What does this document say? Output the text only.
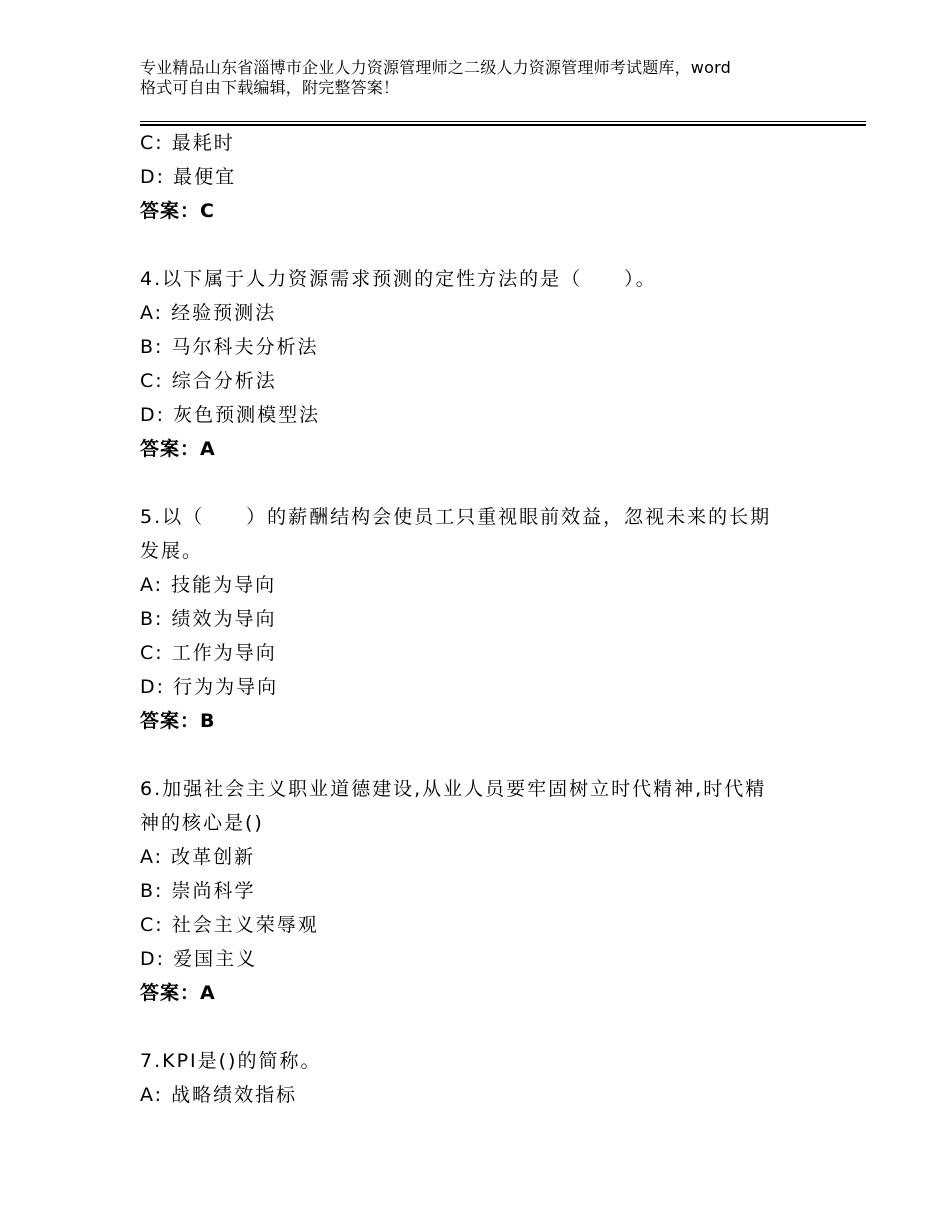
专业精品山东省淄博市企业人力资源管理师之二级人力资源管理师考试题库，word
格式可自由下载编辑，附完整答案！
C: 最耗时
D: 最便宜
答案：C
4.以下属于人力资源需求预测的定性方法的是（　　）。
A: 经验预测法
B: 马尔科夫分析法
C: 综合分析法
D: 灰色预测模型法
答案：A
5.以（　　）的薪酬结构会使员工只重视眼前效益，忽视未来的长期
发展。
A: 技能为导向
B: 绩效为导向
C: 工作为导向
D: 行为为导向
答案：B
6.加强社会主义职业道德建设,从业人员要牢固树立时代精神,时代精
神的核心是()
A: 改革创新
B: 崇尚科学
C: 社会主义荣辱观
D: 爱国主义
答案：A
7.KPI是()的简称。
A: 战略绩效指标
